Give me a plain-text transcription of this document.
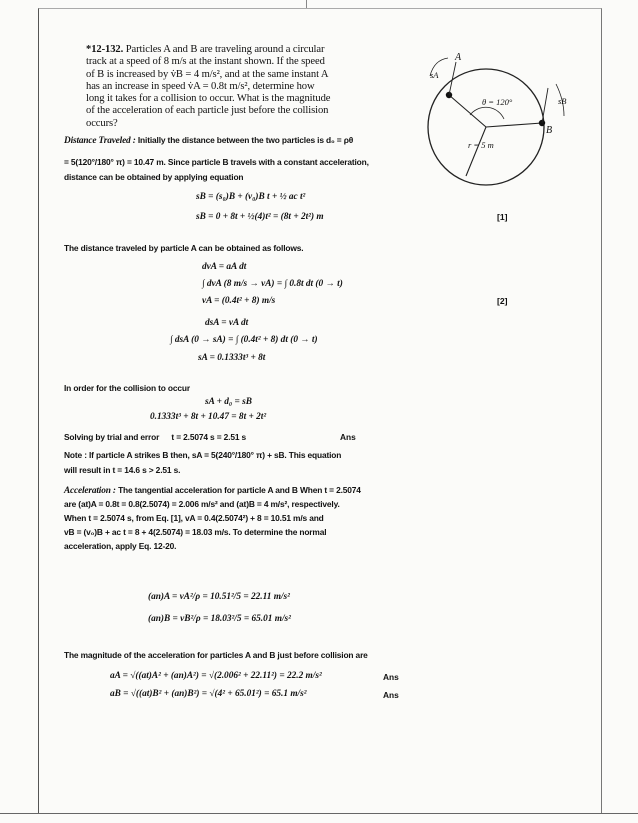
*12-132. Particles A and B are traveling around a circular track at a speed of 8 m/s at the instant shown. If the speed of B is increased by v̇B = 4 m/s², and at the same instant A has an increase in speed v̇A = 0.8t m/s², determine how long it takes for a collision to occur. What is the magnitude of the acceleration of each particle just before the collision occurs?
A
sA
sB
B
θ = 120°
r = 5 m
Distance Traveled : Initially the distance between the two particles is d₀ = ρθ
= 5(120°/180° π) = 10.47 m. Since particle B travels with a constant acceleration,
distance can be obtained by applying equation
sB = (s₀)B + (v₀)B t + ½ ac t²
sB = 0 + 8t + ½(4)t² = (8t + 2t²) m	[1]
The distance traveled by particle A can be obtained as follows.
dvA = aA dt
∫ dvA (8 m/s → vA) = ∫ 0.8t dt (0 → t)
vA = (0.4t² + 8) m/s	[2]
dsA = vA dt
∫ dsA (0 → sA) = ∫ (0.4t² + 8) dt (0 → t)
sA = 0.1333t³ + 8t
In order for the collision to occur
sA + d₀ = sB
0.1333t³ + 8t + 10.47 = 8t + 2t²
Solving by trial and error t = 2.5074 s = 2.51 s	Ans
Note : If particle A strikes B then, sA = 5(240°/180° π) + sB. This equation
will result in t = 14.6 s > 2.51 s.
Acceleration : The tangential acceleration for particle A and B When t = 2.5074
are (at)A = 0.8t = 0.8(2.5074) = 2.006 m/s² and (at)B = 4 m/s², respectively.
When t = 2.5074 s, from Eq. [1], vA = 0.4(2.5074²) + 8 = 10.51 m/s and
vB = (v₀)B + ac t = 8 + 4(2.5074) = 18.03 m/s. To determine the normal
acceleration, apply Eq. 12-20.
(an)A = vA²/ρ = 10.51²/5 = 22.11 m/s²
(an)B = vB²/ρ = 18.03²/5 = 65.01 m/s²
The magnitude of the acceleration for particles A and B just before collision are
aA = √((at)A² + (an)A²) = √(2.006² + 22.11²) = 22.2 m/s²	Ans
aB = √((at)B² + (an)B²) = √(4² + 65.01²) = 65.1 m/s²	Ans
